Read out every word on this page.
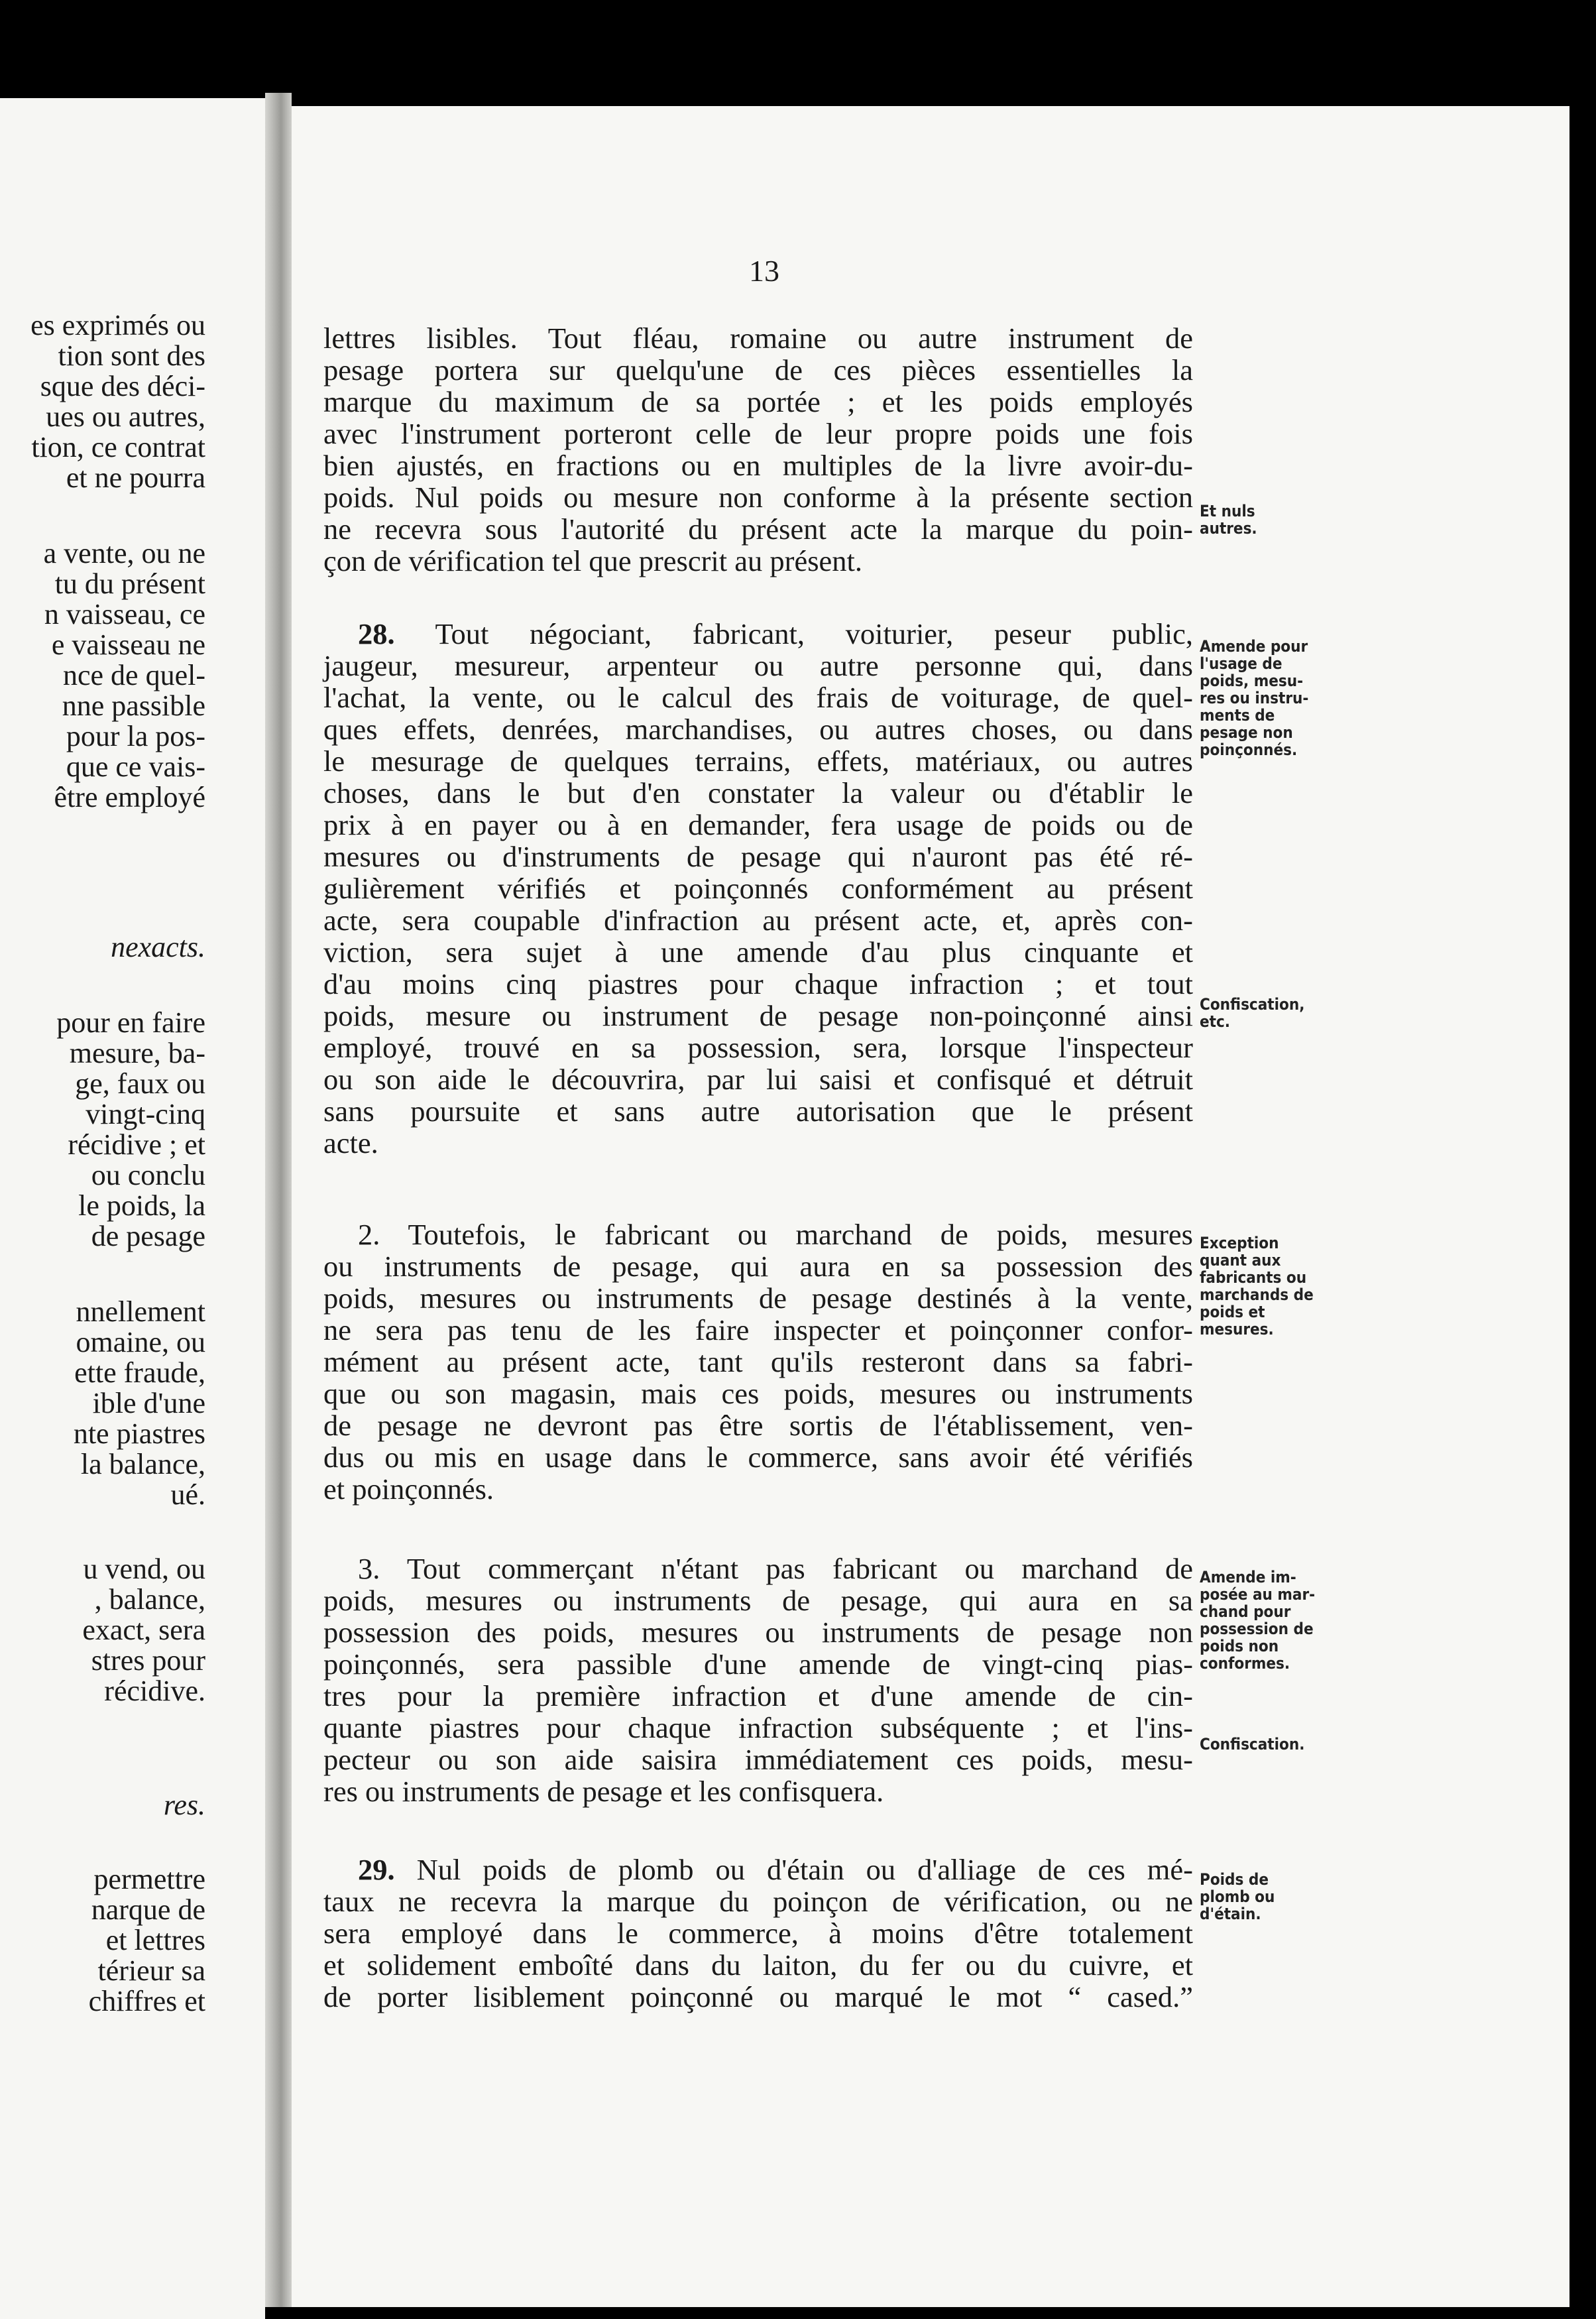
es exprimés ou
tion sont des
sque des déci-
ues ou autres,
tion, ce contrat
et ne pourra
a vente, ou ne
tu du présent
n vaisseau, ce
e vaisseau ne
nce de quel-
nne passible
pour la pos-
que ce vais-
être employé
nexacts.
pour en faire
mesure, ba-
ge, faux ou
vingt-cinq
récidive ; et
ou conclu
le poids, la
de pesage
nnellement
omaine, ou
ette fraude,
ible d'une
nte piastres
la balance,
ué.
u vend, ou
, balance,
exact, sera
stres pour
récidive.
res.
permettre
narque de
et lettres
térieur sa
chiffres et
13
lettres lisibles. Tout fléau, romaine ou autre instrument de
pesage portera sur quelqu'une de ces pièces essentielles la
marque du maximum de sa portée ; et les poids employés
avec l'instrument porteront celle de leur propre poids une fois
bien ajustés, en fractions ou en multiples de la livre avoir-du-
poids. Nul poids ou mesure non conforme à la présente section
ne recevra sous l'autorité du présent acte la marque du poin-
çon de vérification tel que prescrit au présent.
28. Tout négociant, fabricant, voiturier, peseur public,
jaugeur, mesureur, arpenteur ou autre personne qui, dans
l'achat, la vente, ou le calcul des frais de voiturage, de quel-
ques effets, denrées, marchandises, ou autres choses, ou dans
le mesurage de quelques terrains, effets, matériaux, ou autres
choses, dans le but d'en constater la valeur ou d'établir le
prix à en payer ou à en demander, fera usage de poids ou de
mesures ou d'instruments de pesage qui n'auront pas été ré-
gulièrement vérifiés et poinçonnés conformément au présent
acte, sera coupable d'infraction au présent acte, et, après con-
viction, sera sujet à une amende d'au plus cinquante et
d'au moins cinq piastres pour chaque infraction ; et tout
poids, mesure ou instrument de pesage non-poinçonné ainsi
employé, trouvé en sa possession, sera, lorsque l'inspecteur
ou son aide le découvrira, par lui saisi et confisqué et détruit
sans poursuite et sans autre autorisation que le présent
acte.
2. Toutefois, le fabricant ou marchand de poids, mesures
ou instruments de pesage, qui aura en sa possession des
poids, mesures ou instruments de pesage destinés à la vente,
ne sera pas tenu de les faire inspecter et poinçonner confor-
mément au présent acte, tant qu'ils resteront dans sa fabri-
que ou son magasin, mais ces poids, mesures ou instruments
de pesage ne devront pas être sortis de l'établissement, ven-
dus ou mis en usage dans le commerce, sans avoir été vérifiés
et poinçonnés.
3. Tout commerçant n'étant pas fabricant ou marchand de
poids, mesures ou instruments de pesage, qui aura en sa
possession des poids, mesures ou instruments de pesage non
poinçonnés, sera passible d'une amende de vingt-cinq pias-
tres pour la première infraction et d'une amende de cin-
quante piastres pour chaque infraction subséquente ; et l'ins-
pecteur ou son aide saisira immédiatement ces poids, mesu-
res ou instruments de pesage et les confisquera.
29. Nul poids de plomb ou d'étain ou d'alliage de ces mé-
taux ne recevra la marque du poinçon de vérification, ou ne
sera employé dans le commerce, à moins d'être totalement
et solidement emboîté dans du laiton, du fer ou du cuivre, et
de porter lisiblement poinçonné ou marqué le mot “ cased.”
Et nuls
autres.
Amende pour
l'usage de
poids, mesu-
res ou instru-
ments de
pesage non
poinçonnés.
Confiscation,
etc.
Exception
quant aux
fabricants ou
marchands de
poids et
mesures.
Amende im-
posée au mar-
chand pour
possession de
poids non
conformes.
Confiscation.
Poids de
plomb ou
d'étain.
